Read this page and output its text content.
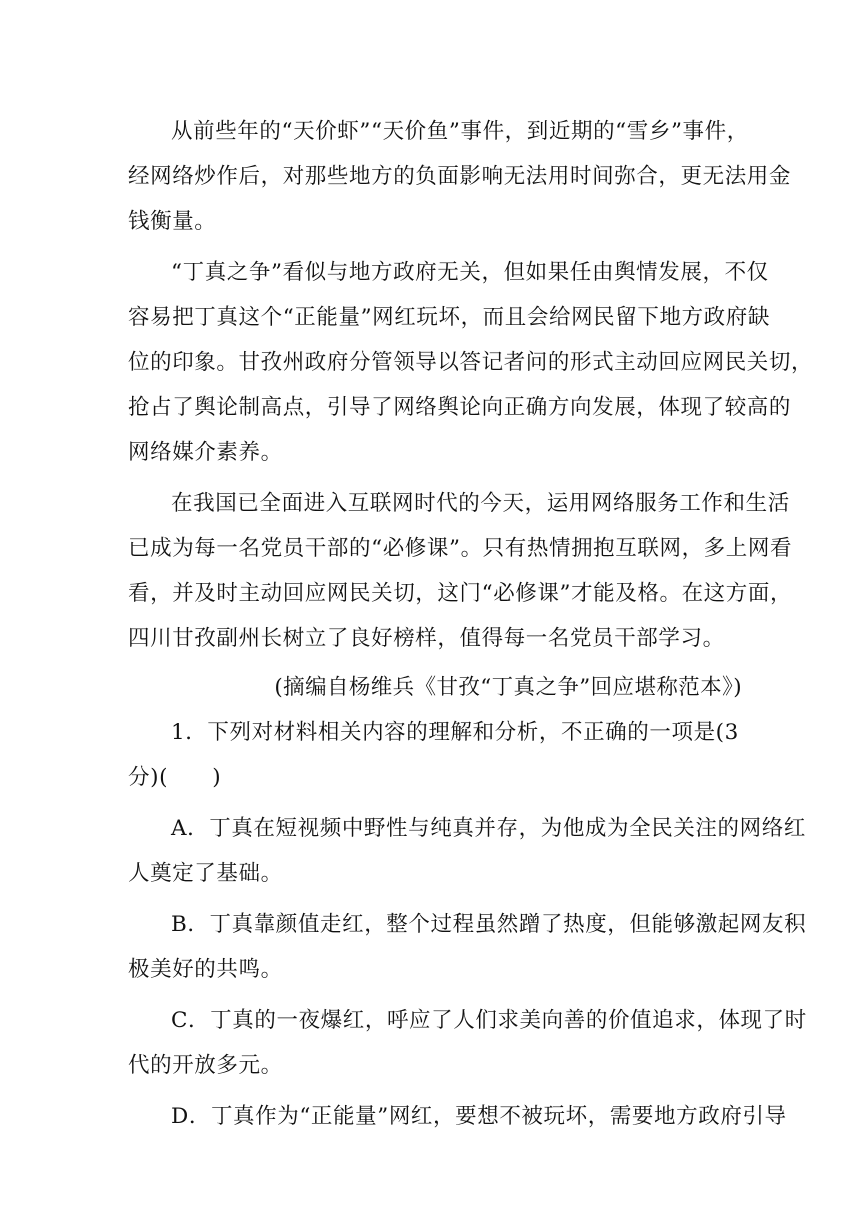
从前些年的“天价虾”“天价鱼”事件，到近期的“雪乡”事件，
经网络炒作后，对那些地方的负面影响无法用时间弥合，更无法用金
钱衡量。

“丁真之争”看似与地方政府无关，但如果任由舆情发展，不仅
容易把丁真这个“正能量”网红玩坏，而且会给网民留下地方政府缺
位的印象。甘孜州政府分管领导以答记者问的形式主动回应网民关切，
抢占了舆论制高点，引导了网络舆论向正确方向发展，体现了较高的
网络媒介素养。

在我国已全面进入互联网时代的今天，运用网络服务工作和生活
已成为每一名党员干部的“必修课”。只有热情拥抱互联网，多上网看
看，并及时主动回应网民关切，这门“必修课”才能及格。在这方面，
四川甘孜副州长树立了良好榜样，值得每一名党员干部学习。

(摘编自杨维兵《甘孜“丁真之争”回应堪称范本》)

1．下列对材料相关内容的理解和分析，不正确的一项是(3
分)(　　)

A．丁真在短视频中野性与纯真并存，为他成为全民关注的网络红
人奠定了基础。

B．丁真靠颜值走红，整个过程虽然蹭了热度，但能够激起网友积
极美好的共鸣。

C．丁真的一夜爆红，呼应了人们求美向善的价值追求，体现了时
代的开放多元。

D．丁真作为“正能量”网红，要想不被玩坏，需要地方政府引导
